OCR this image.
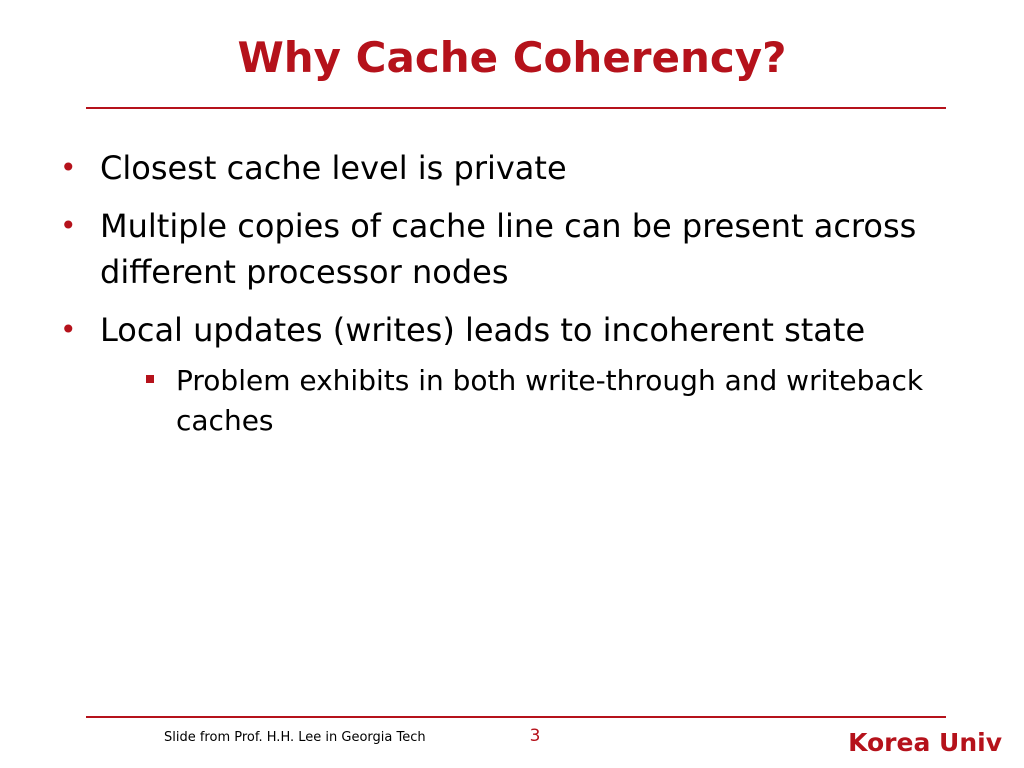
Why Cache Coherency?
• Closest cache level is private
• Multiple copies of cache line can be present across different processor nodes
• Local updates (writes) leads to incoherent state
Problem exhibits in both write-through and writeback caches
Slide from Prof. H.H. Lee in Georgia Tech	3	Korea Univ
